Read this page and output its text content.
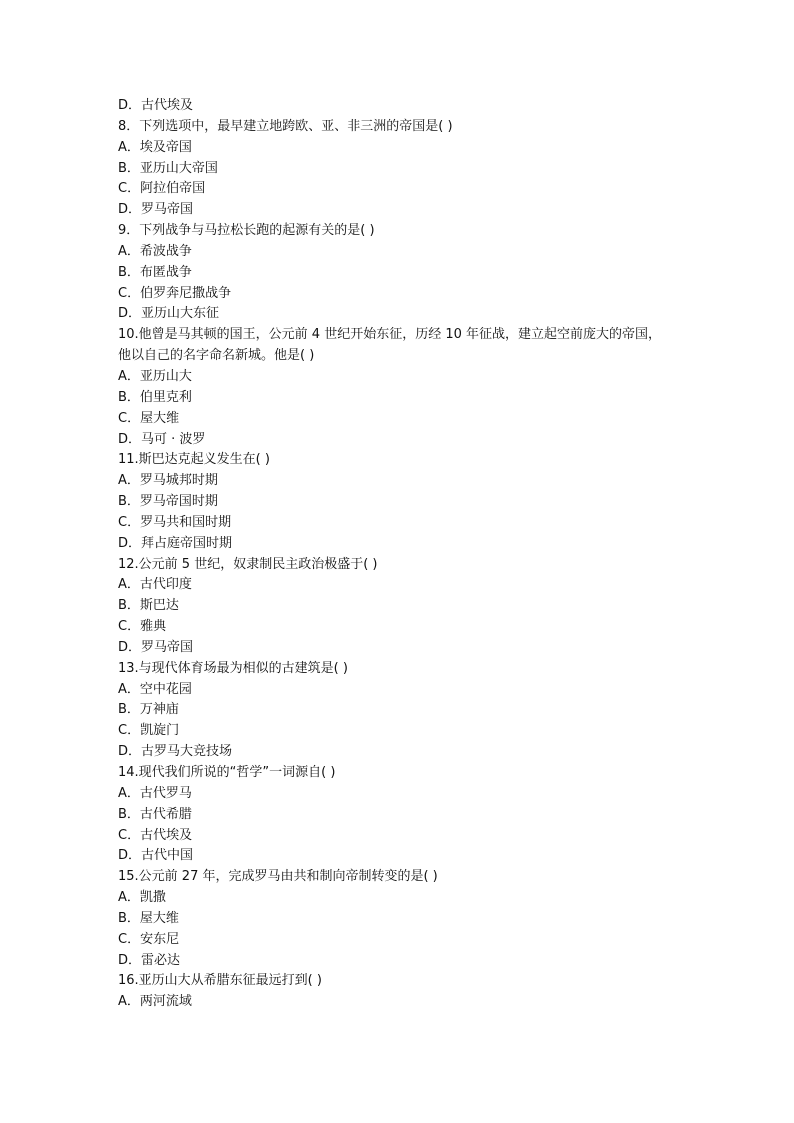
D．古代埃及
8．下列选项中，最早建立地跨欧、亚、非三洲的帝国是( )
A．埃及帝国
B．亚历山大帝国
C．阿拉伯帝国
D．罗马帝国
9．下列战争与马拉松长跑的起源有关的是( )
A．希波战争
B．布匿战争
C．伯罗奔尼撒战争
D．亚历山大东征
10.他曾是马其顿的国王，公元前 4 世纪开始东征，历经 10 年征战，建立起空前庞大的帝国，
他以自己的名字命名新城。他是( )
A．亚历山大
B．伯里克利
C．屋大维
D．马可 · 波罗
11.斯巴达克起义发生在( )
A．罗马城邦时期
B．罗马帝国时期
C．罗马共和国时期
D．拜占庭帝国时期
12.公元前 5 世纪，奴隶制民主政治极盛于( )
A．古代印度
B．斯巴达
C．雅典
D．罗马帝国
13.与现代体育场最为相似的古建筑是( )
A．空中花园
B．万神庙
C．凯旋门
D．古罗马大竞技场
14.现代我们所说的“哲学”一词源自( )
A．古代罗马
B．古代希腊
C．古代埃及
D．古代中国
15.公元前 27 年，完成罗马由共和制向帝制转变的是( )
A．凯撒
B．屋大维
C．安东尼
D．雷必达
16.亚历山大从希腊东征最远打到( )
A．两河流域
